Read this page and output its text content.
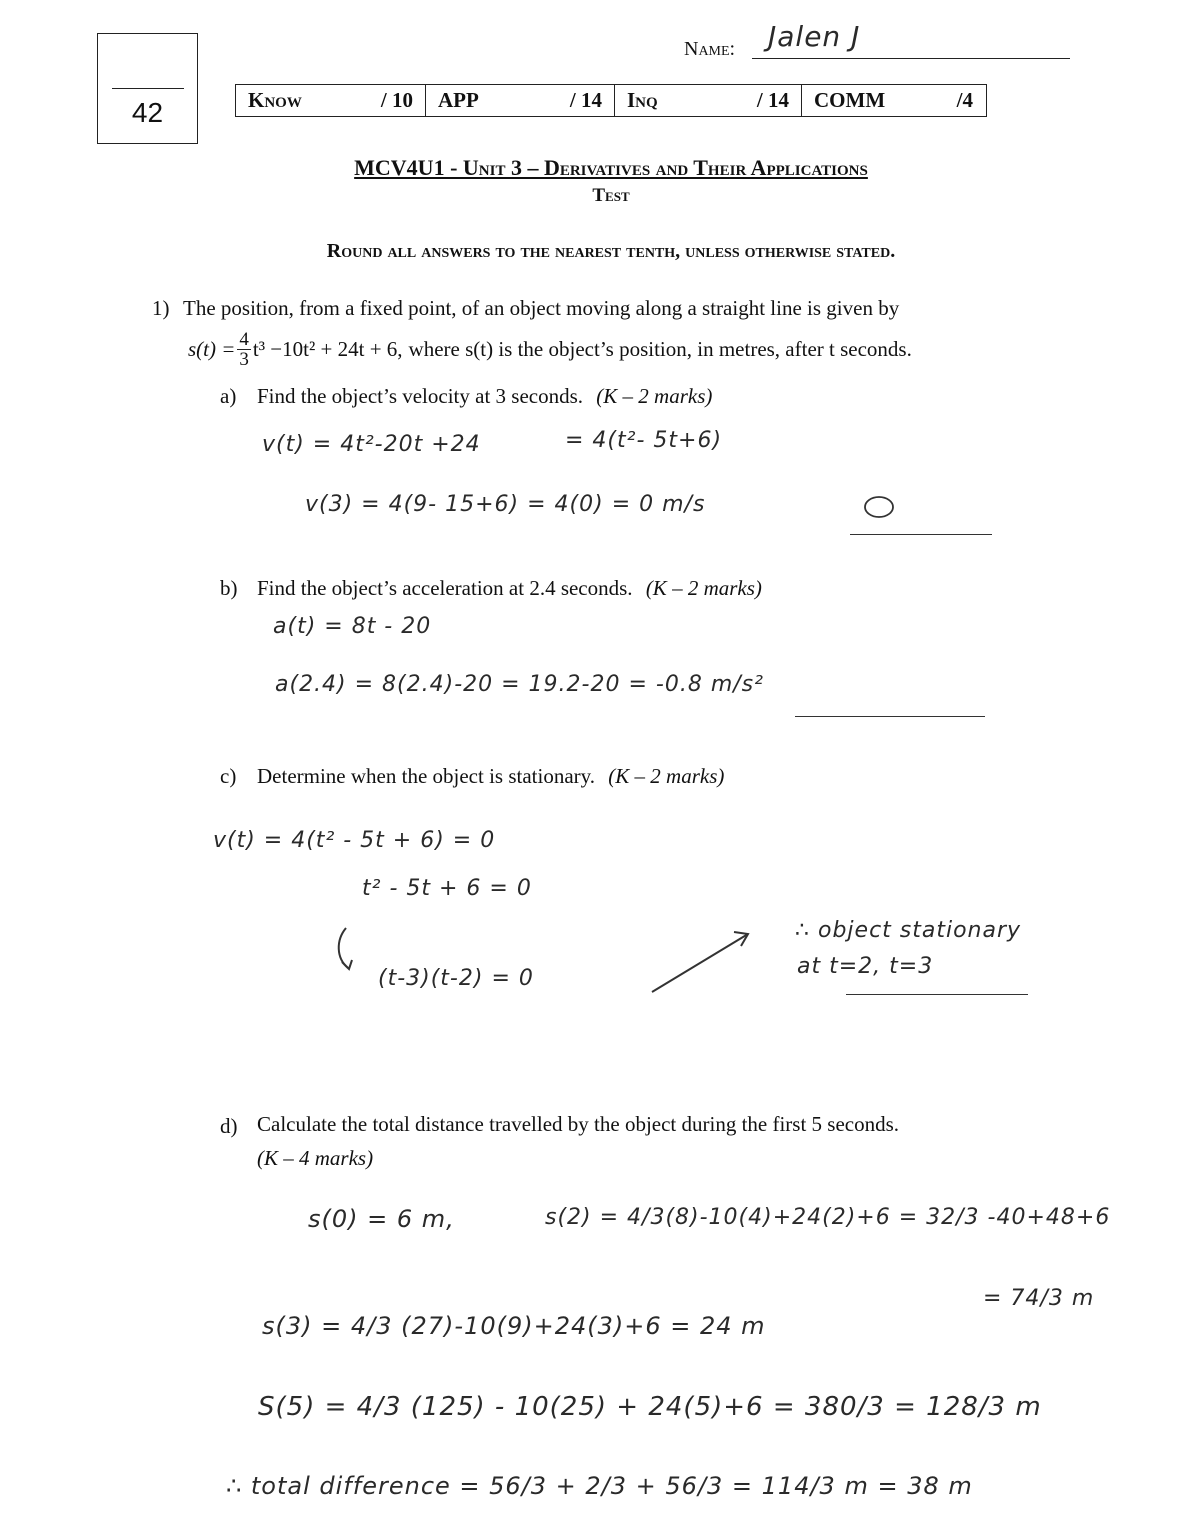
42
Name: Jalen J
Know	/ 10 APP	/ 14 Inq	/ 14 COMM	/4
MCV4U1 - Unit 3 – Derivatives and Their Applications
Test
Round all answers to the nearest tenth, unless otherwise stated.
1) The position, from a fixed point, of an object moving along a straight line is given by
$s(t) = \frac{4}{3} t^3 -10t^2 + 24t + 6$, where s(t) is the object’s position, in metres, after t seconds.
a) Find the object’s velocity at 3 seconds. (K – 2 marks)
v(t) = 4t²-20t +24	= 4(t²- 5t+6)
v(3) = 4(9- 15+6) = 4(0) = 0 m/s
b) Find the object’s acceleration at 2.4 seconds. (K – 2 marks)
a(t) = 8t - 20
a(2.4) = 8(2.4)-20 = 19.2-20 = -0.8 m/s²
c) Determine when the object is stationary. (K – 2 marks)
v(t) = 4(t² - 5t + 6) = 0
t² - 5t + 6 = 0
(t-3)(t-2) = 0
∴ object stationary
at t=2, t=3
d) Calculate the total distance travelled by the object during the first 5 seconds.
(K – 4 marks)
s(0) = 6 m,	s(2) = 4/3(8)-10(4)+24(2)+6 = 32/3 -40+48+6
= 74/3 m
s(3) = 4/3 (27)-10(9)+24(3)+6 = 24 m
S(5) = 4/3 (125) - 10(25) + 24(5)+6 = 380/3 = 128/3 m
∴ total difference = 56/3 + 2/3 + 56/3 = 114/3 m = 38 m
